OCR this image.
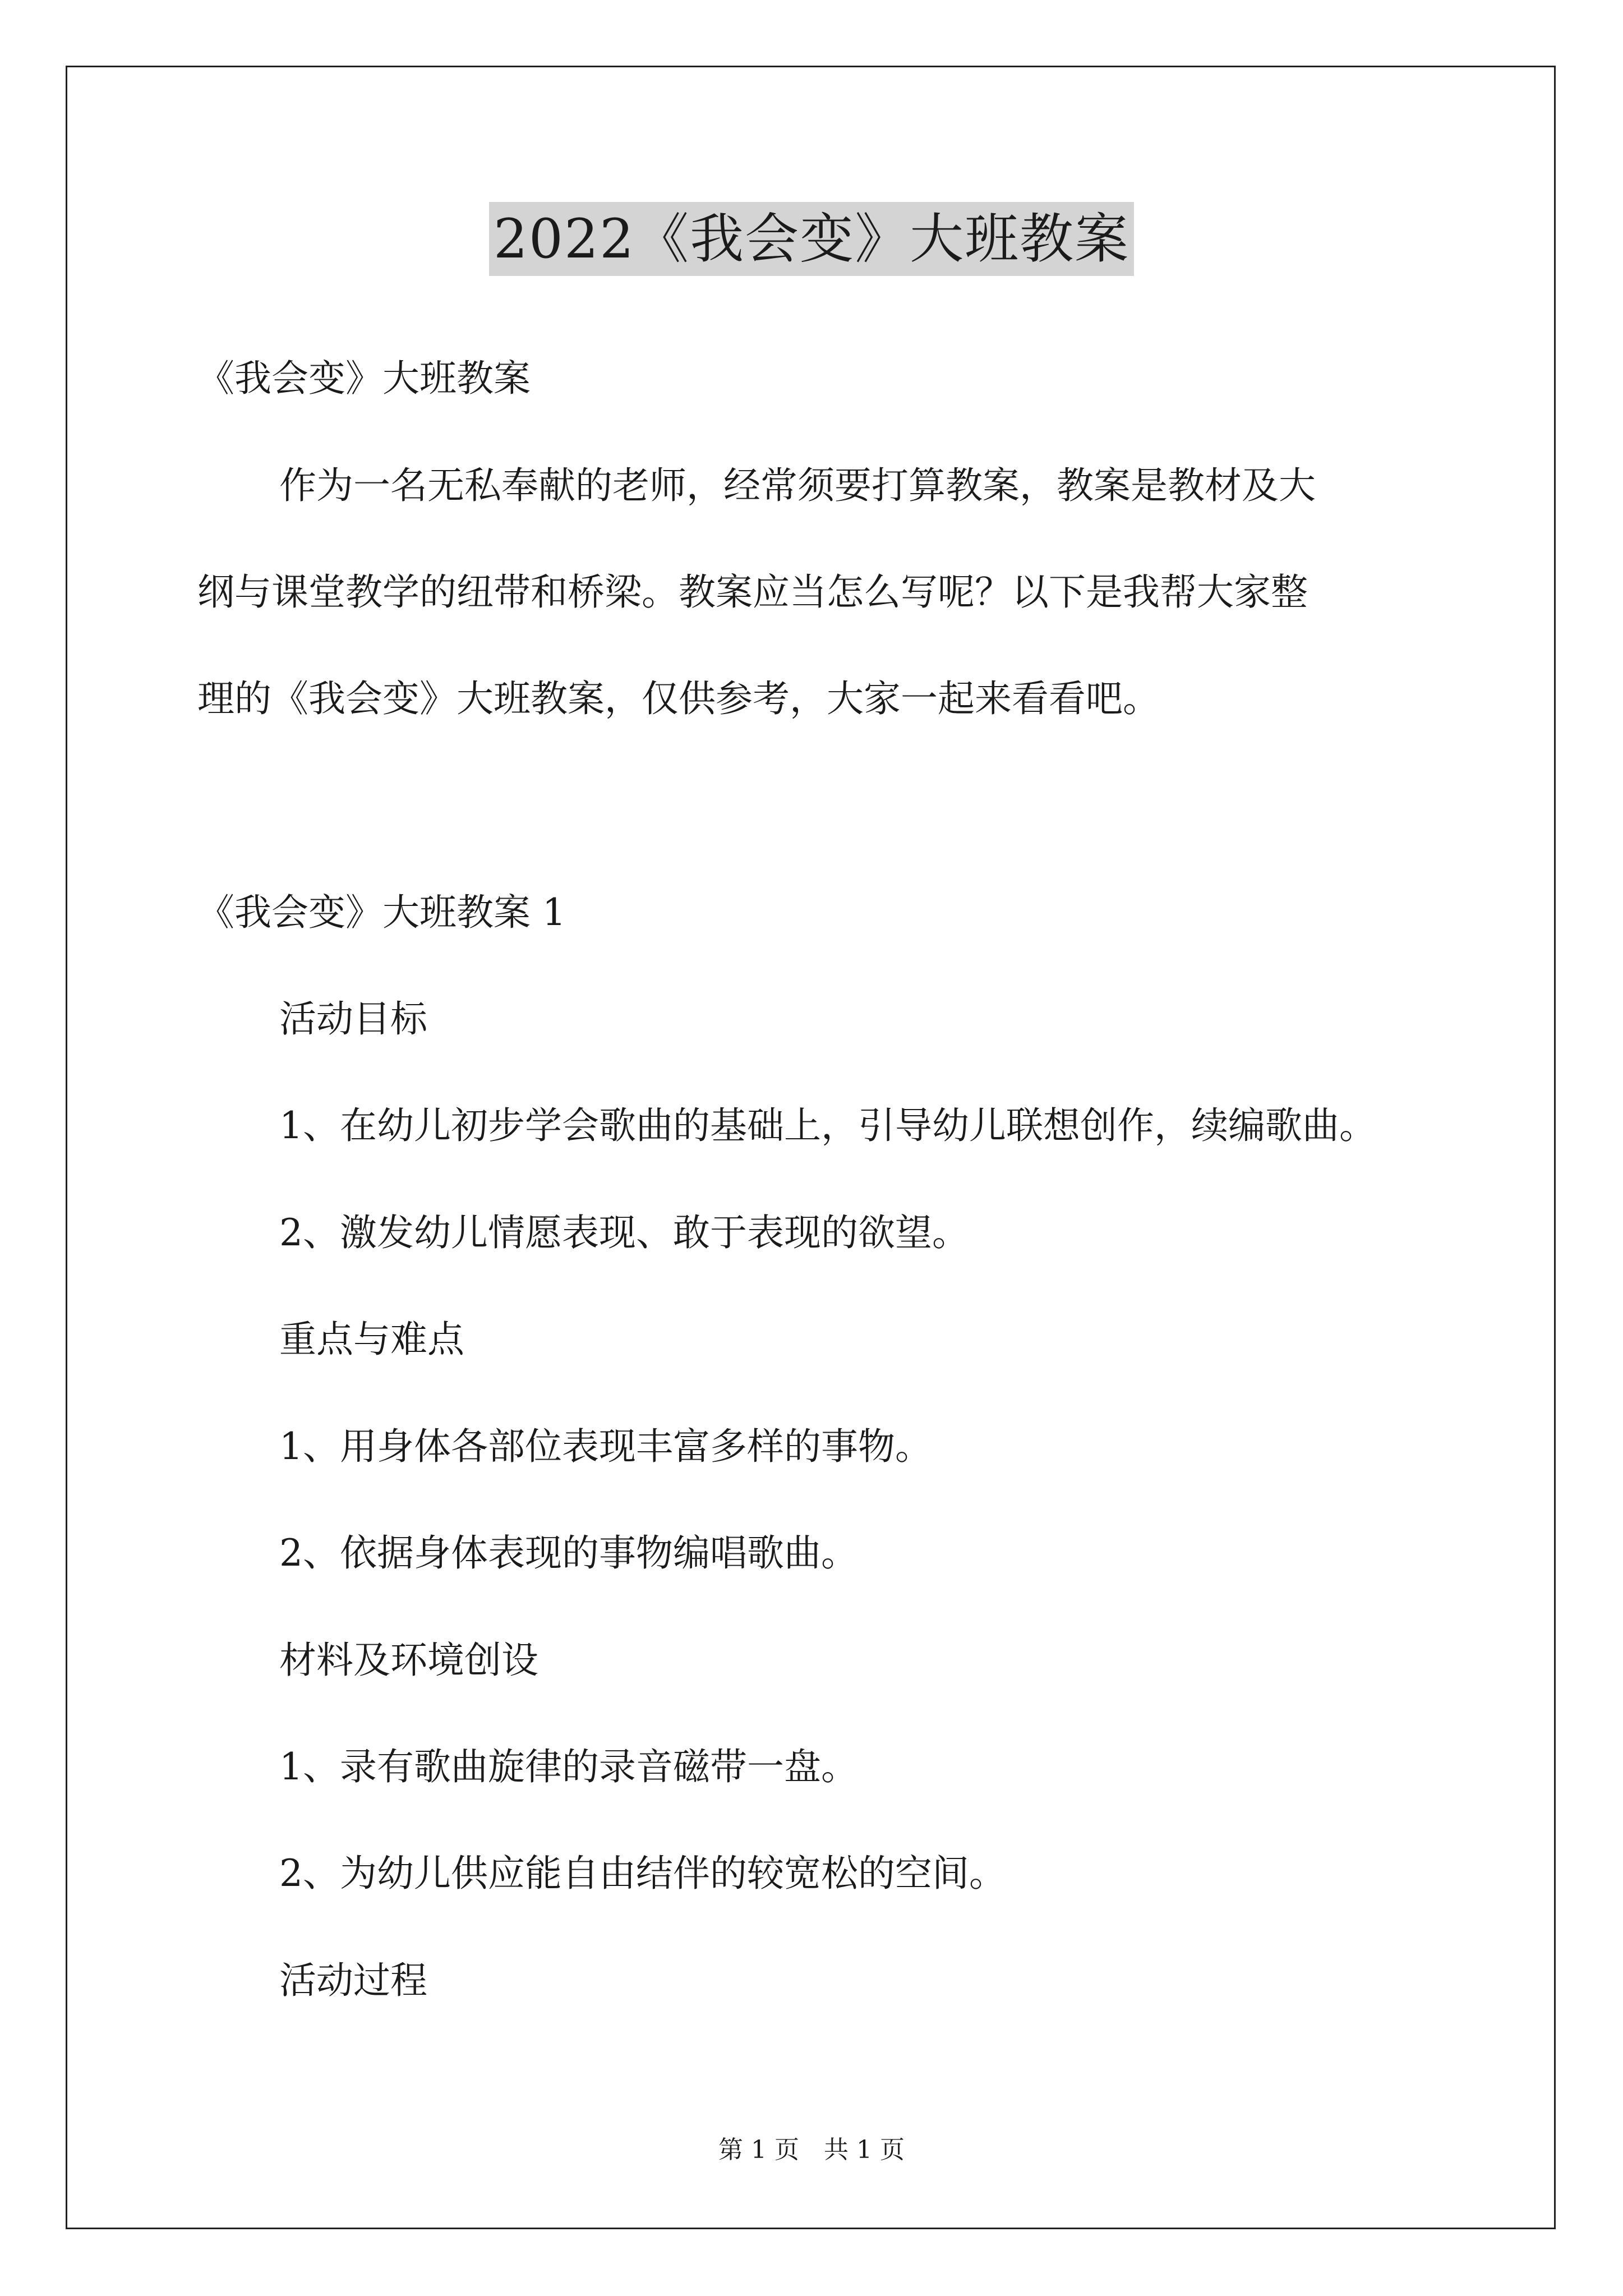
2022《我会变》大班教案
《我会变》大班教案
作为一名无私奉献的老师，经常须要打算教案，教案是教材及大
纲与课堂教学的纽带和桥梁。教案应当怎么写呢？以下是我帮大家整
理的《我会变》大班教案，仅供参考，大家一起来看看吧。
《我会变》大班教案 1
活动目标
1、在幼儿初步学会歌曲的基础上，引导幼儿联想创作，续编歌曲。
2、激发幼儿情愿表现、敢于表现的欲望。
重点与难点
1、用身体各部位表现丰富多样的事物。
2、依据身体表现的事物编唱歌曲。
材料及环境创设
1、录有歌曲旋律的录音磁带一盘。
2、为幼儿供应能自由结伴的较宽松的空间。
活动过程
第 1 页　共 1 页
